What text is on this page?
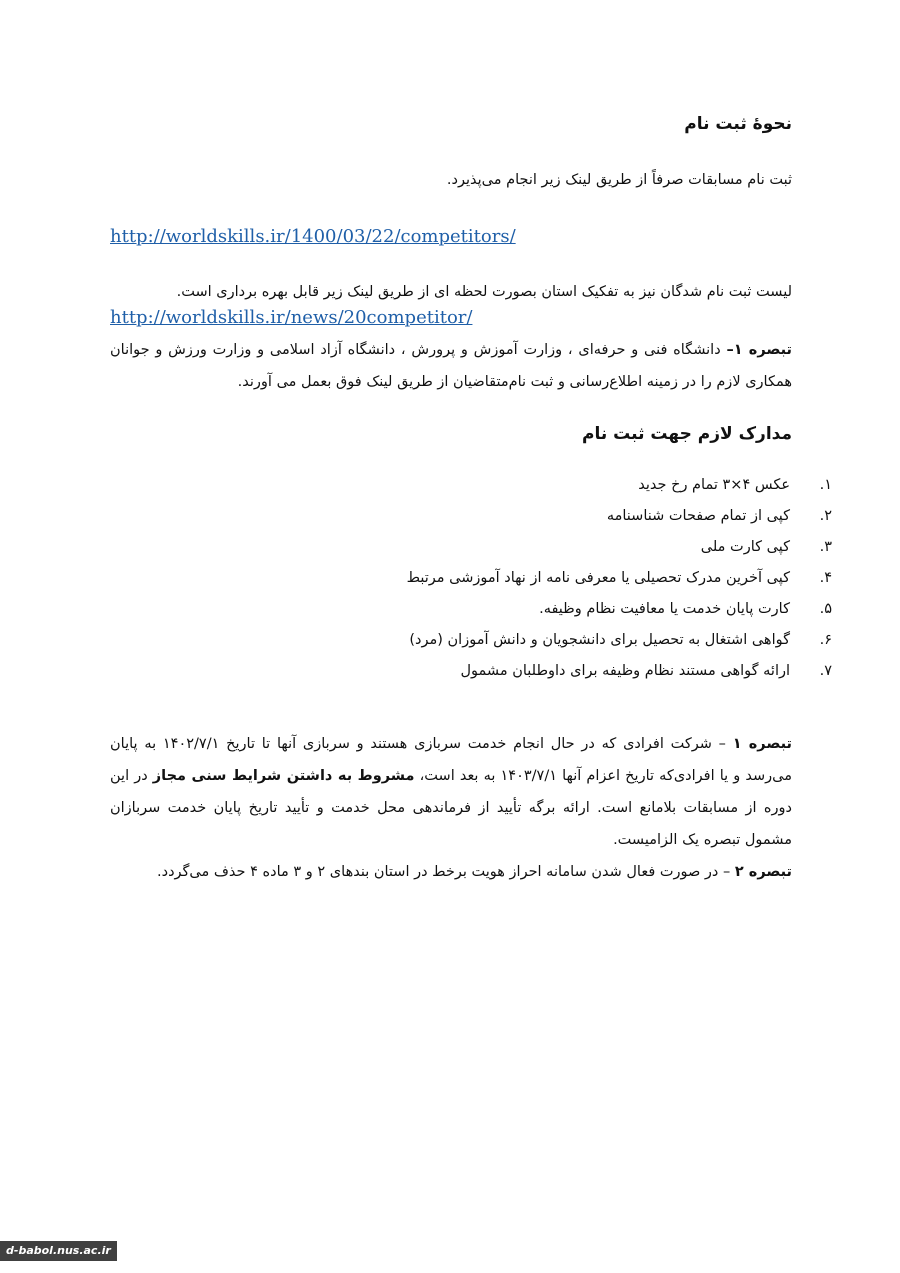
نحوۀ ثبت نام

ثبت نام مسابقات صرفاً از طریق لینک زیر انجام می‌پذیرد.

http://worldskills.ir/1400/03/22/competitors/

لیست ثبت نام شدگان نیز به تفکیک استان بصورت لحظه ای از طریق لینک زیر قابل بهره برداری است.

http://worldskills.ir/news/20competitor/

تبصره ۱– دانشگاه فنی و حرفه‌ای ، وزارت آموزش و پرورش ، دانشگاه آزاد اسلامی و وزارت ورزش و جوانان همکاری لازم را در زمینه اطلاع‌رسانی و ثبت نام‌متقاضیان از طریق لینک فوق بعمل می آورند.

مدارک لازم جهت ثبت نام
۱.
عکس ۴×۳ تمام رخ جدید
۲.
کپی از تمام صفحات شناسنامه
۳.
کپی کارت ملی
۴.
کپی آخرین مدرک تحصیلی یا معرفی نامه از نهاد آموزشی مرتبط
۵.
کارت پایان خدمت یا معافیت نظام وظیفه.
۶.
گواهی اشتغال به تحصیل برای دانشجویان و دانش آموزان (مرد)
۷.
ارائه گواهی مستند نظام وظیفه برای داوطلبان مشمول

تبصره ۱ – شرکت افرادی که در حال انجام خدمت سربازی هستند و سربازی آنها تا تاریخ ۱۴۰۲/۷/۱ به پایان می‌رسد و یا افرادی‌که تاریخ اعزام آنها ۱۴۰۳/۷/۱ به بعد است، مشروط به داشتن شرایط سنی مجاز در این دوره از مسابقات بلامانع است. ارائه برگه تأیید از فرماندهی محل خدمت و تأیید تاریخ پایان خدمت سربازان مشمول تبصره یک الزامیست.

تبصره ۲ – در صورت فعال شدن سامانه احراز هویت برخط در استان بندهای ۲ و ۳ ماده ۴ حذف می‌گردد.

d-babol.nus.ac.ir
